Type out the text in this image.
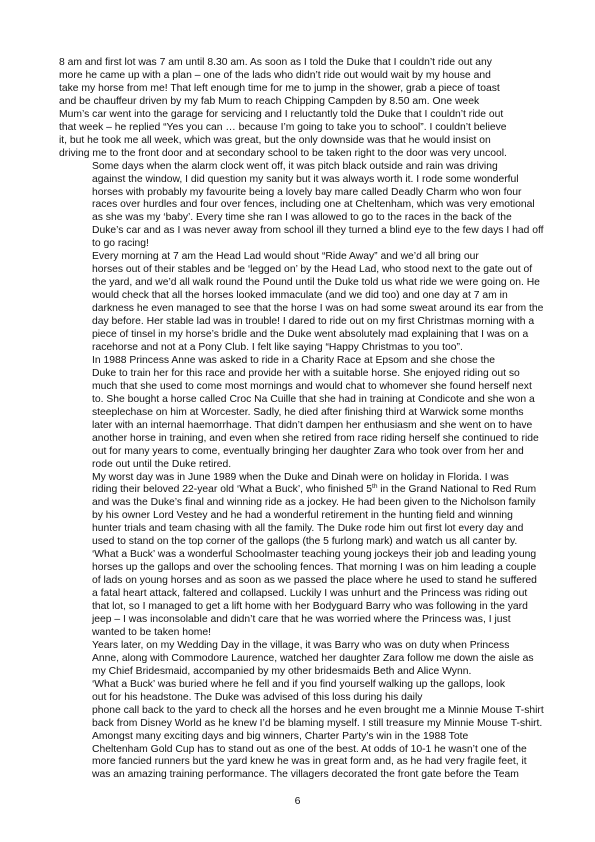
8 am and first lot was 7 am until 8.30 am. As soon as I told the Duke that I couldn’t ride out any
more he came up with a plan – one of the lads who didn’t ride out would wait by my house and
take my horse from me! That left enough time for me to jump in the shower, grab a piece of toast
and be chauffeur driven by my fab Mum to reach Chipping Campden by 8.50 am. One week
Mum’s car went into the garage for servicing and I reluctantly told the Duke that I couldn’t ride out
that week – he replied “Yes you can … because I’m going to take you to school”. I couldn’t believe
it, but he took me all week, which was great, but the only downside was that he would insist on
driving me to the front door and at secondary school to be taken right to the door was very uncool.

Some days when the alarm clock went off, it was pitch black outside and rain was driving
against the window, I did question my sanity but it was always worth it. I rode some wonderful
horses with probably my favourite being a lovely bay mare called Deadly Charm who won four
races over hurdles and four over fences, including one at Cheltenham, which was very emotional
as she was my ‘baby’. Every time she ran I was allowed to go to the races in the back of the
Duke’s car and as I was never away from school ill they turned a blind eye to the few days I had off
to go racing!

Every morning at 7 am the Head Lad would shout “Ride Away” and we’d all bring our
horses out of their stables and be ‘legged on’ by the Head Lad, who stood next to the gate out of
the yard, and we’d all walk round the Pound until the Duke told us what ride we were going on. He
would check that all the horses looked immaculate (and we did too) and one day at 7 am in
darkness he even managed to see that the horse I was on had some sweat around its ear from the
day before. Her stable lad was in trouble! I dared to ride out on my first Christmas morning with a
piece of tinsel in my horse’s bridle and the Duke went absolutely mad explaining that I was on a
racehorse and not at a Pony Club. I felt like saying “Happy Christmas to you too”.

In 1988 Princess Anne was asked to ride in a Charity Race at Epsom and she chose the
Duke to train her for this race and provide her with a suitable horse. She enjoyed riding out so
much that she used to come most mornings and would chat to whomever she found herself next
to. She bought a horse called Croc Na Cuille that she had in training at Condicote and she won a
steeplechase on him at Worcester. Sadly, he died after finishing third at Warwick some months
later with an internal haemorrhage. That didn’t dampen her enthusiasm and she went on to have
another horse in training, and even when she retired from race riding herself she continued to ride
out for many years to come, eventually bringing her daughter Zara who took over from her and
rode out until the Duke retired.

My worst day was in June 1989 when the Duke and Dinah were on holiday in Florida. I was
riding their beloved 22-year old ‘What a Buck’, who finished 5th in the Grand National to Red Rum
and was the Duke’s final and winning ride as a jockey. He had been given to the Nicholson family
by his owner Lord Vestey and he had a wonderful retirement in the hunting field and winning
hunter trials and team chasing with all the family. The Duke rode him out first lot every day and
used to stand on the top corner of the gallops (the 5 furlong mark) and watch us all canter by.
‘What a Buck’ was a wonderful Schoolmaster teaching young jockeys their job and leading young
horses up the gallops and over the schooling fences. That morning I was on him leading a couple
of lads on young horses and as soon as we passed the place where he used to stand he suffered
a fatal heart attack, faltered and collapsed. Luckily I was unhurt and the Princess was riding out
that lot, so I managed to get a lift home with her Bodyguard Barry who was following in the yard
jeep – I was inconsolable and didn’t care that he was worried where the Princess was, I just
wanted to be taken home!

Years later, on my Wedding Day in the village, it was Barry who was on duty when Princess
Anne, along with Commodore Laurence, watched her daughter Zara follow me down the aisle as
my Chief Bridesmaid, accompanied by my other bridesmaids Beth and Alice Wynn.

‘What a Buck’ was buried where he fell and if you find yourself walking up the gallops, look
out for his headstone. The Duke was advised of this loss during his daily
phone call back to the yard to check all the horses and he even brought me a Minnie Mouse T-shirt
back from Disney World as he knew I’d be blaming myself. I still treasure my Minnie Mouse T-shirt.

Amongst many exciting days and big winners, Charter Party’s win in the 1988 Tote
Cheltenham Gold Cup has to stand out as one of the best. At odds of 10-1 he wasn’t one of the
more fancied runners but the yard knew he was in great form and, as he had very fragile feet, it
was an amazing training performance. The villagers decorated the front gate before the Team

6
